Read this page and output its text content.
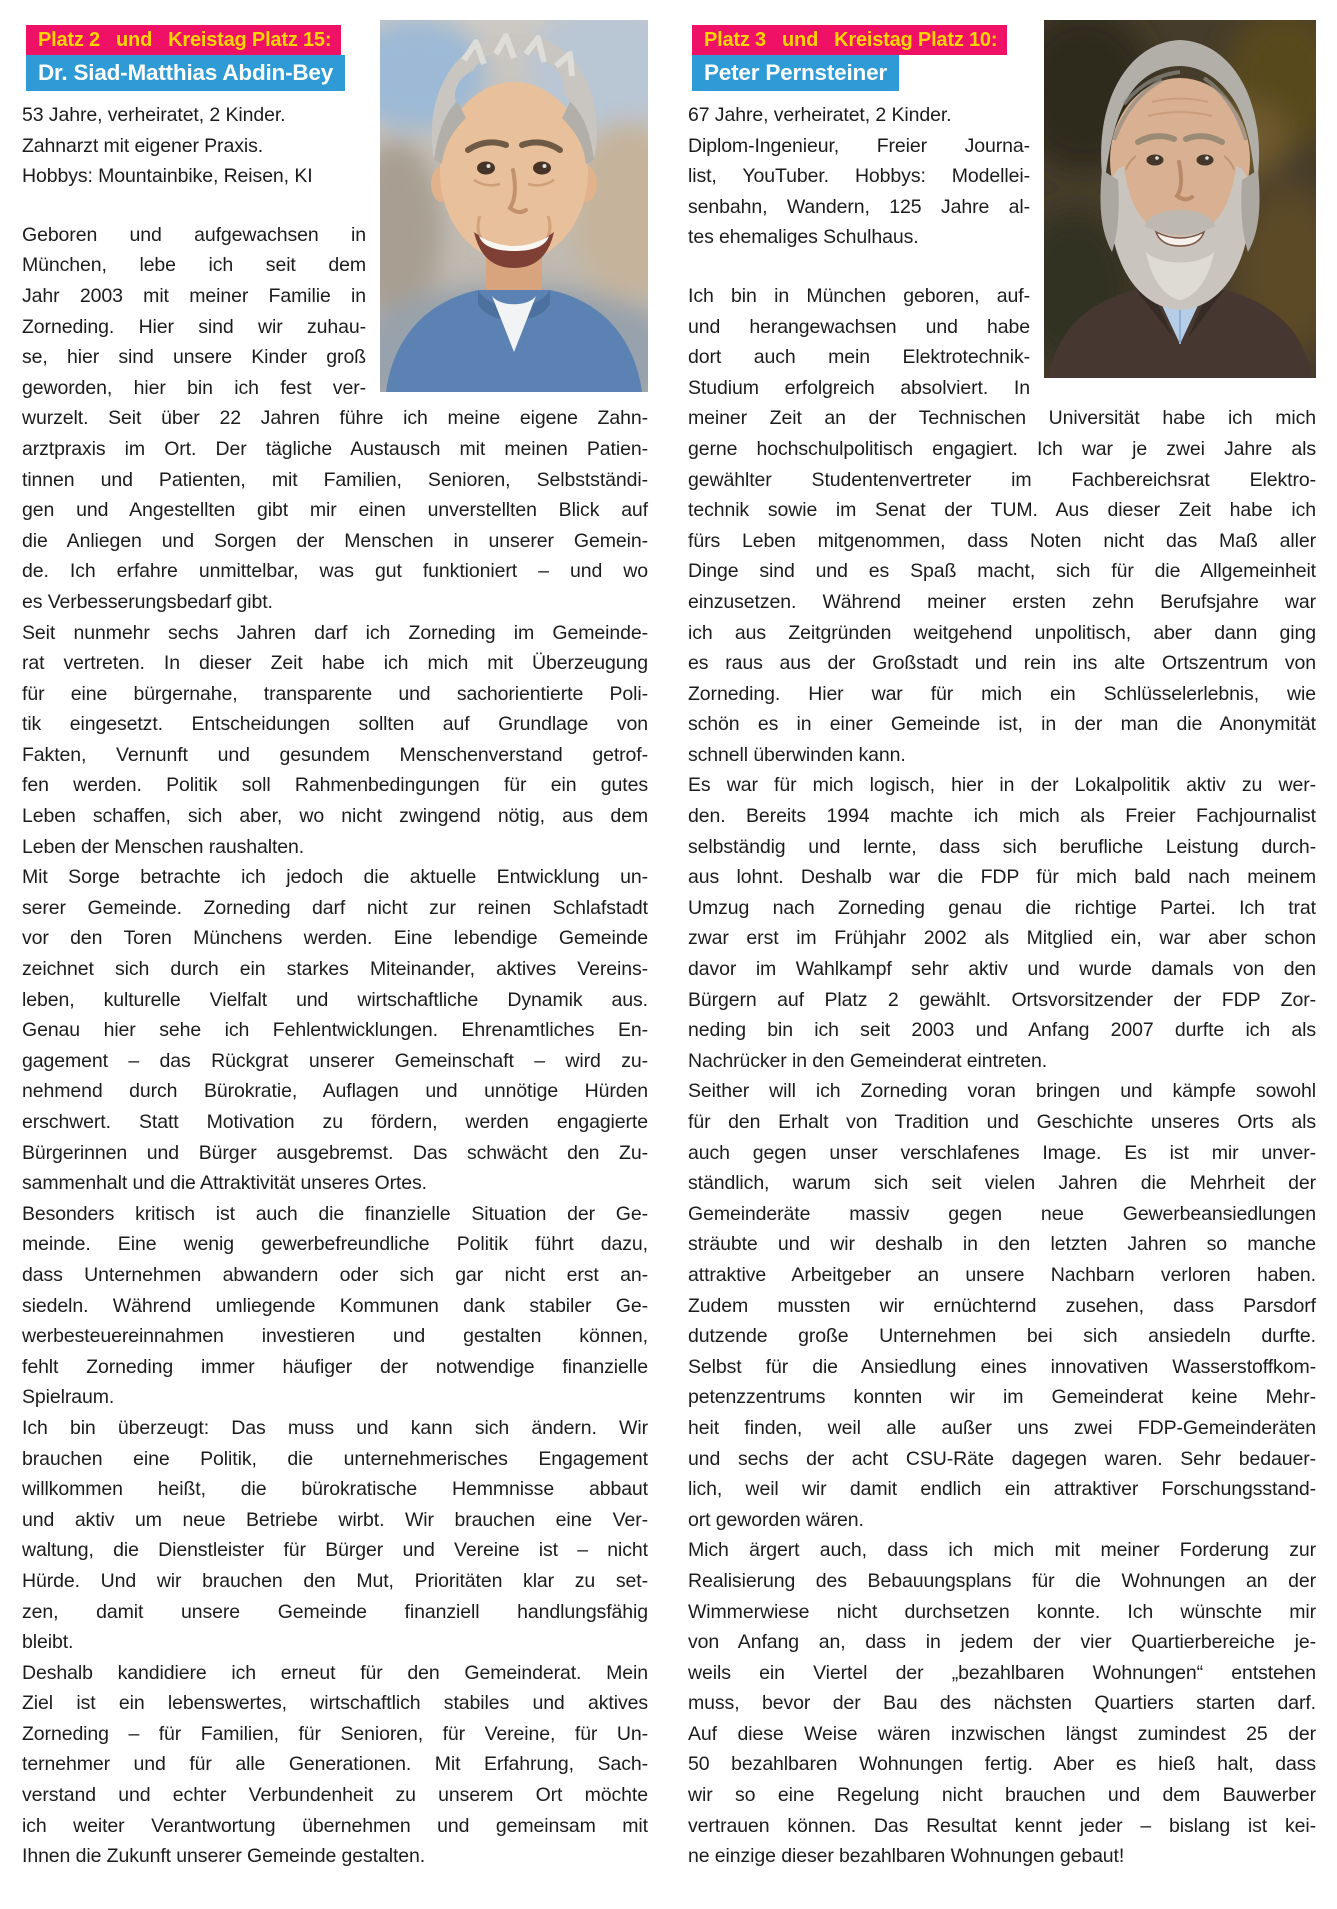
Platz 2   und   Kreistag Platz 15:
Dr. Siad-Matthias Abdin-Bey
53 Jahre, verheiratet, 2 Kinder.
Zahnarzt mit eigener Praxis.
Hobbys: Mountainbike, Reisen, KI
Geboren und aufgewachsen in
München, lebe ich seit dem
Jahr 2003 mit meiner Familie in
Zorneding. Hier sind wir zuhau-
se, hier sind unsere Kinder groß
geworden, hier bin ich fest ver-
wurzelt. Seit über 22 Jahren führe ich meine eigene Zahn-
arztpraxis im Ort. Der tägliche Austausch mit meinen Patien-
tinnen und Patienten, mit Familien, Senioren, Selbstständi-
gen und Angestellten gibt mir einen unverstellten Blick auf
die Anliegen und Sorgen der Menschen in unserer Gemein-
de. Ich erfahre unmittelbar, was gut funktioniert – und wo
es Verbesserungsbedarf gibt.
Seit nunmehr sechs Jahren darf ich Zorneding im Gemeinde-
rat vertreten. In dieser Zeit habe ich mich mit Überzeugung
für eine bürgernahe, transparente und sachorientierte Poli-
tik eingesetzt. Entscheidungen sollten auf Grundlage von
Fakten, Vernunft und gesundem Menschenverstand getrof-
fen werden. Politik soll Rahmenbedingungen für ein gutes
Leben schaffen, sich aber, wo nicht zwingend nötig, aus dem
Leben der Menschen raushalten.
Mit Sorge betrachte ich jedoch die aktuelle Entwicklung un-
serer Gemeinde. Zorneding darf nicht zur reinen Schlafstadt
vor den Toren Münchens werden. Eine lebendige Gemeinde
zeichnet sich durch ein starkes Miteinander, aktives Vereins-
leben, kulturelle Vielfalt und wirtschaftliche Dynamik aus.
Genau hier sehe ich Fehlentwicklungen. Ehrenamtliches En-
gagement – das Rückgrat unserer Gemeinschaft – wird zu-
nehmend durch Bürokratie, Auflagen und unnötige Hürden
erschwert. Statt Motivation zu fördern, werden engagierte
Bürgerinnen und Bürger ausgebremst. Das schwächt den Zu-
sammenhalt und die Attraktivität unseres Ortes.
Besonders kritisch ist auch die finanzielle Situation der Ge-
meinde. Eine wenig gewerbefreundliche Politik führt dazu,
dass Unternehmen abwandern oder sich gar nicht erst an-
siedeln. Während umliegende Kommunen dank stabiler Ge-
werbesteuereinnahmen investieren und gestalten können,
fehlt Zorneding immer häufiger der notwendige finanzielle
Spielraum.
Ich bin überzeugt: Das muss und kann sich ändern. Wir
brauchen eine Politik, die unternehmerisches Engagement
willkommen heißt, die bürokratische Hemmnisse abbaut
und aktiv um neue Betriebe wirbt. Wir brauchen eine Ver-
waltung, die Dienstleister für Bürger und Vereine ist – nicht
Hürde. Und wir brauchen den Mut, Prioritäten klar zu set-
zen, damit unsere Gemeinde finanziell handlungsfähig
bleibt.
Deshalb kandidiere ich erneut für den Gemeinderat. Mein
Ziel ist ein lebenswertes, wirtschaftlich stabiles und aktives
Zorneding – für Familien, für Senioren, für Vereine, für Un-
ternehmer und für alle Generationen. Mit Erfahrung, Sach-
verstand und echter Verbundenheit zu unserem Ort möchte
ich weiter Verantwortung übernehmen und gemeinsam mit
Ihnen die Zukunft unserer Gemeinde gestalten.
Platz 3   und   Kreistag Platz 10:
Peter Pernsteiner
67 Jahre, verheiratet, 2 Kinder.
Diplom-Ingenieur, Freier Journa-
list, YouTuber. Hobbys: Modellei-
senbahn, Wandern, 125 Jahre al-
tes ehemaliges Schulhaus.
Ich bin in München geboren, auf-
und herangewachsen und habe
dort auch mein Elektrotechnik-
Studium erfolgreich absolviert. In
meiner Zeit an der Technischen Universität habe ich mich
gerne hochschulpolitisch engagiert. Ich war je zwei Jahre als
gewählter Studentenvertreter im Fachbereichsrat Elektro-
technik sowie im Senat der TUM. Aus dieser Zeit habe ich
fürs Leben mitgenommen, dass Noten nicht das Maß aller
Dinge sind und es Spaß macht, sich für die Allgemeinheit
einzusetzen. Während meiner ersten zehn Berufsjahre war
ich aus Zeitgründen weitgehend unpolitisch, aber dann ging
es raus aus der Großstadt und rein ins alte Ortszentrum von
Zorneding. Hier war für mich ein Schlüsselerlebnis, wie
schön es in einer Gemeinde ist, in der man die Anonymität
schnell überwinden kann.
Es war für mich logisch, hier in der Lokalpolitik aktiv zu wer-
den. Bereits 1994 machte ich mich als Freier Fachjournalist
selbständig und lernte, dass sich berufliche Leistung durch-
aus lohnt. Deshalb war die FDP für mich bald nach meinem
Umzug nach Zorneding genau die richtige Partei. Ich trat
zwar erst im Frühjahr 2002 als Mitglied ein, war aber schon
davor im Wahlkampf sehr aktiv und wurde damals von den
Bürgern auf Platz 2 gewählt. Ortsvorsitzender der FDP Zor-
neding bin ich seit 2003 und Anfang 2007 durfte ich als
Nachrücker in den Gemeinderat eintreten.
Seither will ich Zorneding voran bringen und kämpfe sowohl
für den Erhalt von Tradition und Geschichte unseres Orts als
auch gegen unser verschlafenes Image. Es ist mir unver-
ständlich, warum sich seit vielen Jahren die Mehrheit der
Gemeinderäte massiv gegen neue Gewerbeansiedlungen
sträubte und wir deshalb in den letzten Jahren so manche
attraktive Arbeitgeber an unsere Nachbarn verloren haben.
Zudem mussten wir ernüchternd zusehen, dass Parsdorf
dutzende große Unternehmen bei sich ansiedeln durfte.
Selbst für die Ansiedlung eines innovativen Wasserstoffkom-
petenzzentrums konnten wir im Gemeinderat keine Mehr-
heit finden, weil alle außer uns zwei FDP-Gemeinderäten
und sechs der acht CSU-Räte dagegen waren. Sehr bedauer-
lich, weil wir damit endlich ein attraktiver Forschungsstand-
ort geworden wären.
Mich ärgert auch, dass ich mich mit meiner Forderung zur
Realisierung des Bebauungsplans für die Wohnungen an der
Wimmerwiese nicht durchsetzen konnte. Ich wünschte mir
von Anfang an, dass in jedem der vier Quartierbereiche je-
weils ein Viertel der „bezahlbaren Wohnungen“ entstehen
muss, bevor der Bau des nächsten Quartiers starten darf.
Auf diese Weise wären inzwischen längst zumindest 25 der
50 bezahlbaren Wohnungen fertig. Aber es hieß halt, dass
wir so eine Regelung nicht brauchen und dem Bauwerber
vertrauen können. Das Resultat kennt jeder – bislang ist kei-
ne einzige dieser bezahlbaren Wohnungen gebaut!
